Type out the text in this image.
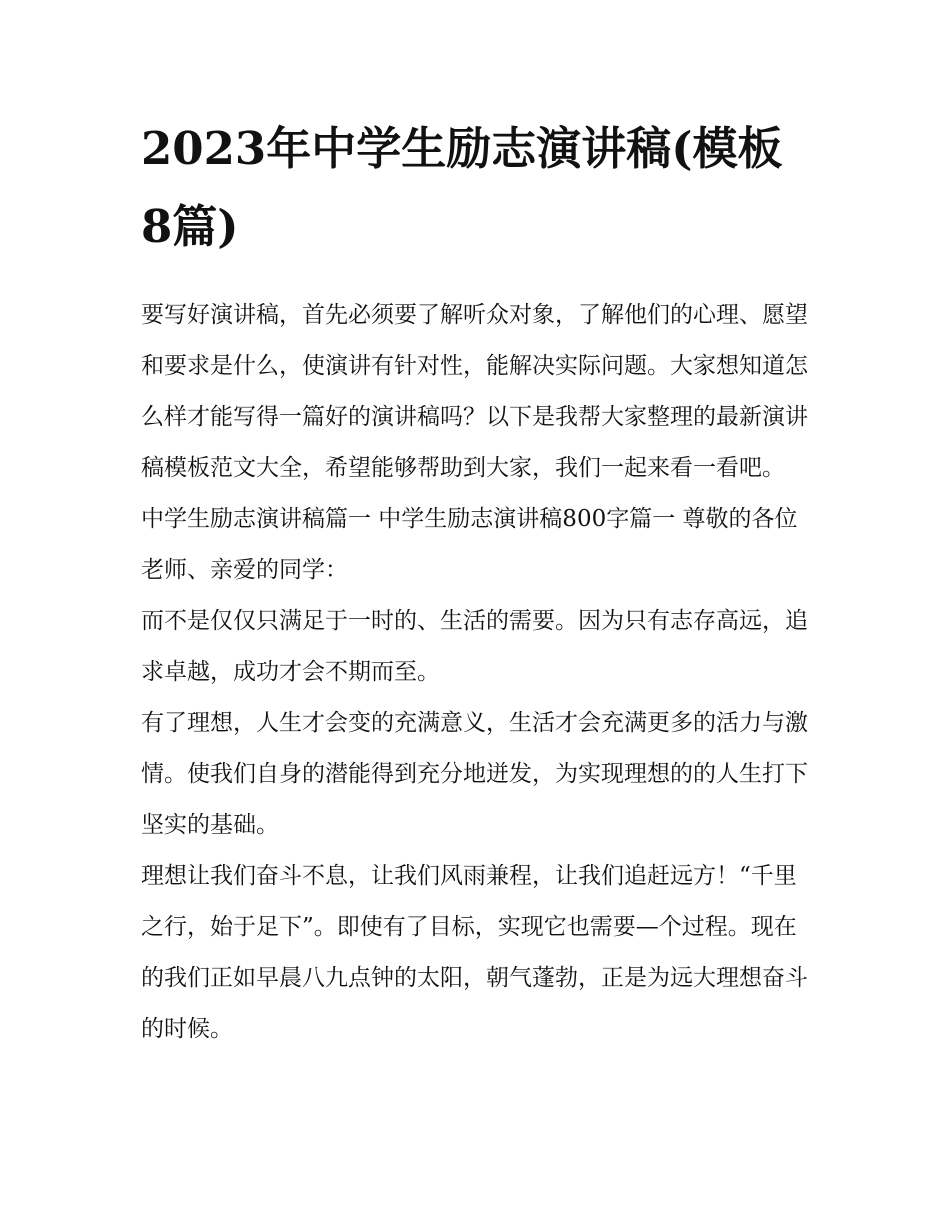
2023年中学生励志演讲稿(模板8篇)

要写好演讲稿，首先必须要了解听众对象，了解他们的心理、愿望和要求是什么，使演讲有针对性，能解决实际问题。大家想知道怎么样才能写得一篇好的演讲稿吗？以下是我帮大家整理的最新演讲稿模板范文大全，希望能够帮助到大家，我们一起来看一看吧。

中学生励志演讲稿篇一 中学生励志演讲稿800字篇一 尊敬的各位老师、亲爱的同学：

而不是仅仅只满足于一时的、生活的需要。因为只有志存高远，追求卓越，成功才会不期而至。

有了理想，人生才会变的充满意义，生活才会充满更多的活力与激情。使我们自身的潜能得到充分地迸发，为实现理想的的人生打下坚实的基础。

理想让我们奋斗不息，让我们风雨兼程，让我们追赶远方！“千里之行，始于足下”。即使有了目标，实现它也需要—个过程。现在的我们正如早晨八九点钟的太阳，朝气蓬勃，正是为远大理想奋斗的时候。
